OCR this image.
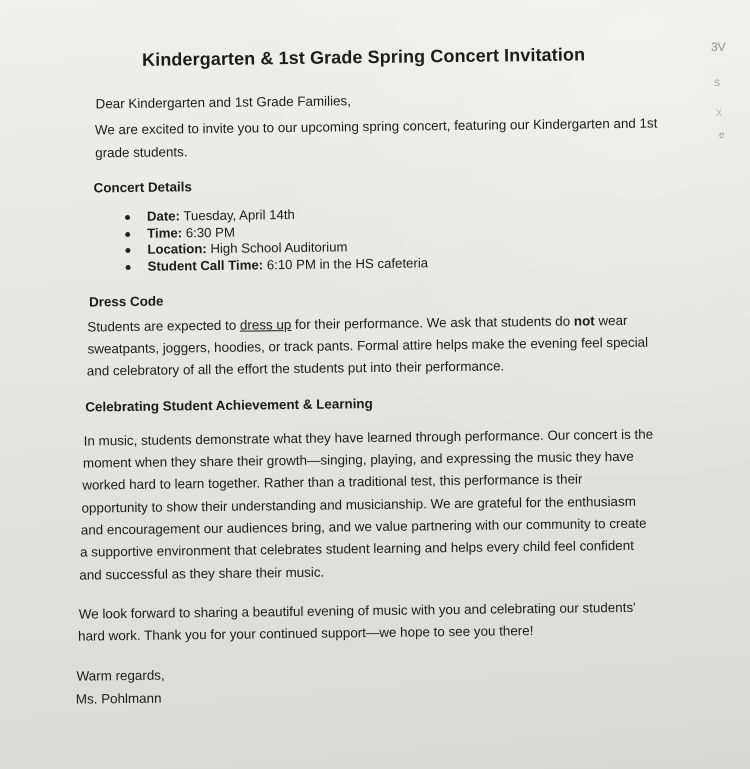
Kindergarten & 1st Grade Spring Concert Invitation
Dear Kindergarten and 1st Grade Families,
We are excited to invite you to our upcoming spring concert, featuring our Kindergarten and 1st
grade students.
Concert Details
Date: Tuesday, April 14th
Time: 6:30 PM
Location: High School Auditorium
Student Call Time: 6:10 PM in the HS cafeteria
Dress Code
Students are expected to dress up for their performance. We ask that students do not wear
sweatpants, joggers, hoodies, or track pants. Formal attire helps make the evening feel special
and celebratory of all the effort the students put into their performance.
Celebrating Student Achievement & Learning
In music, students demonstrate what they have learned through performance. Our concert is the
moment when they share their growth—singing, playing, and expressing the music they have
worked hard to learn together. Rather than a traditional test, this performance is their
opportunity to show their understanding and musicianship. We are grateful for the enthusiasm
and encouragement our audiences bring, and we value partnering with our community to create
a supportive environment that celebrates student learning and helps every child feel confident
and successful as they share their music.
We look forward to sharing a beautiful evening of music with you and celebrating our students'
hard work. Thank you for your continued support—we hope to see you there!
Warm regards,
Ms. Pohlmann
3V
S
X
e
